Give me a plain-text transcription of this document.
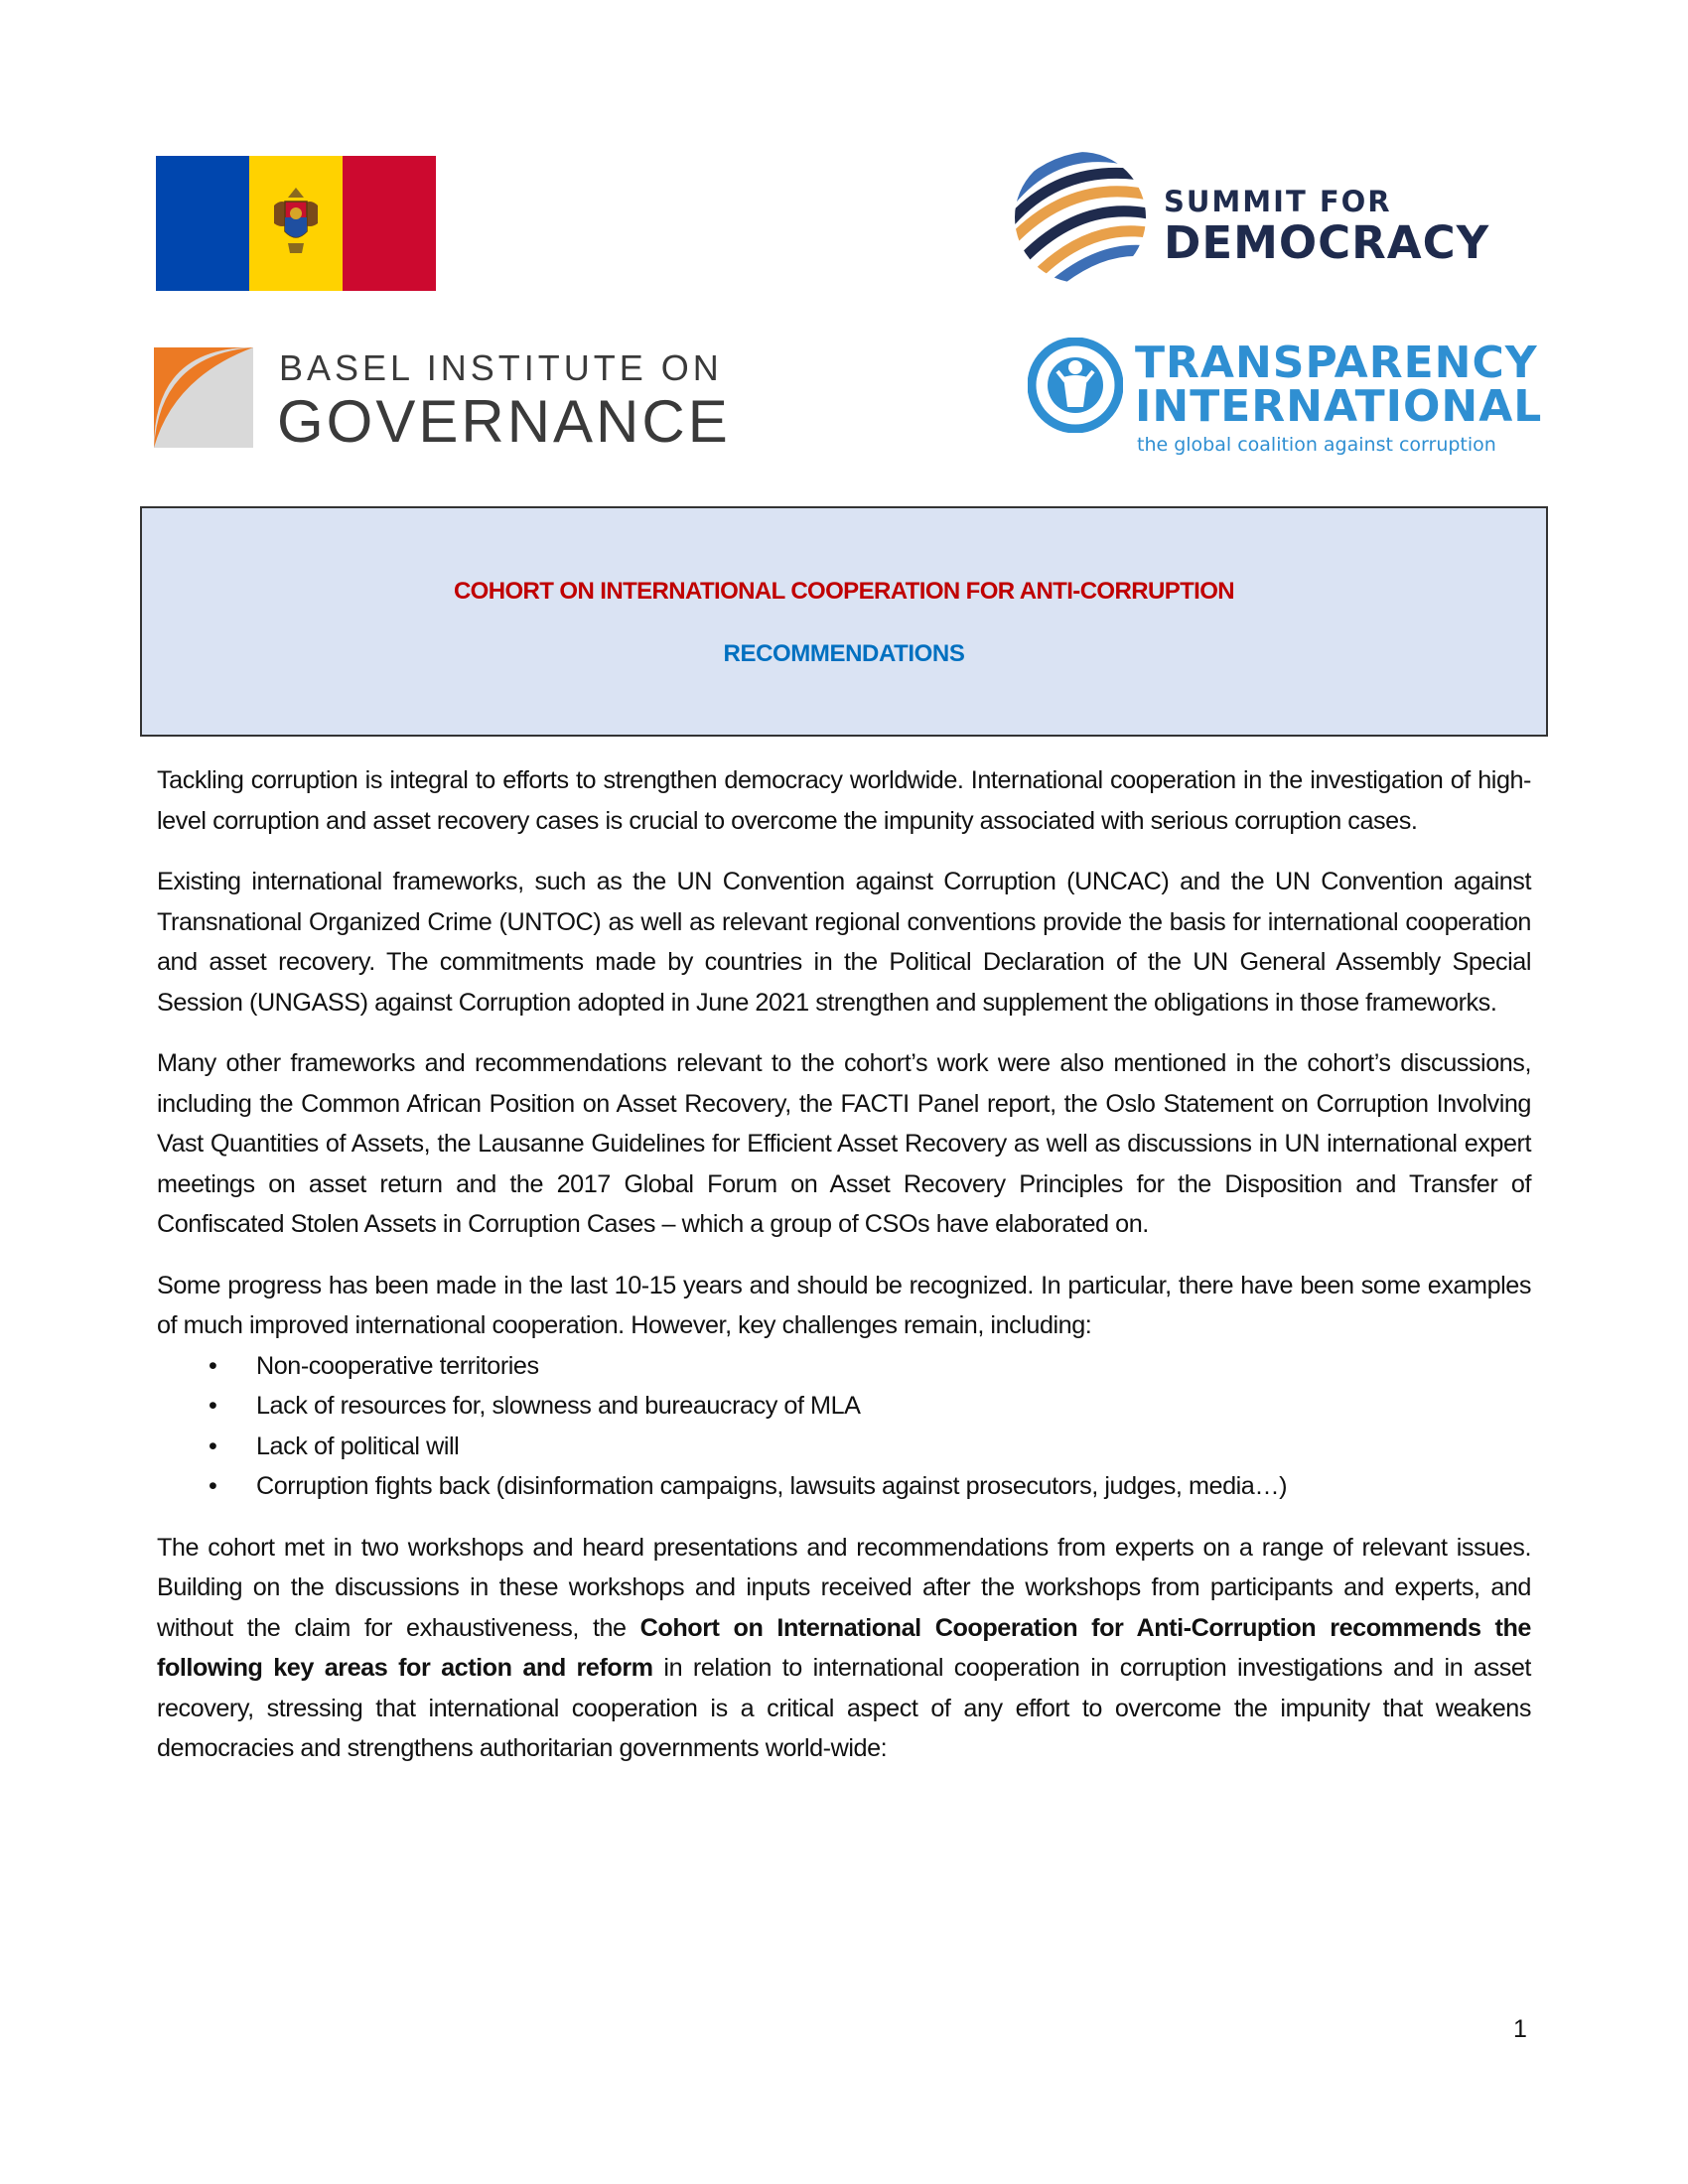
SUMMIT FOR
DEMOCRACY
BASEL INSTITUTE ON
GOVERNANCE
TRANSPARENCY
INTERNATIONAL
the global coalition against corruption
COHORT ON INTERNATIONAL COOPERATION FOR ANTI-CORRUPTION
RECOMMENDATIONS

Tackling corruption is integral to efforts to strengthen democracy worldwide. International cooperation in the investigation of high-level corruption and asset recovery cases is crucial to overcome the impunity associated with serious corruption cases.

Existing international frameworks, such as the UN Convention against Corruption (UNCAC) and the UN Convention against Transnational Organized Crime (UNTOC) as well as relevant regional conventions provide the basis for international cooperation and asset recovery. The commitments made by countries in the Political Declaration of the UN General Assembly Special Session (UNGASS) against Corruption adopted in June 2021 strengthen and supplement the obligations in those frameworks.

Many other frameworks and recommendations relevant to the cohort’s work were also mentioned in the cohort’s discussions, including the Common African Position on Asset Recovery, the FACTI Panel report, the Oslo Statement on Corruption Involving Vast Quantities of Assets, the Lausanne Guidelines for Efficient Asset Recovery as well as discussions in UN international expert meetings on asset return and the 2017 Global Forum on Asset Recovery Principles for the Disposition and Transfer of Confiscated Stolen Assets in Corruption Cases – which a group of CSOs have elaborated on.

Some progress has been made in the last 10-15 years and should be recognized. In particular, there have been some examples of much improved international cooperation. However, key challenges remain, including:

• Non-cooperative territories
• Lack of resources for, slowness and bureaucracy of MLA
• Lack of political will
• Corruption fights back (disinformation campaigns, lawsuits against prosecutors, judges, media…)

The cohort met in two workshops and heard presentations and recommendations from experts on a range of relevant issues. Building on the discussions in these workshops and inputs received after the workshops from participants and experts, and without the claim for exhaustiveness, the Cohort on International Cooperation for Anti-Corruption recommends the following key areas for action and reform in relation to international cooperation in corruption investigations and in asset recovery, stressing that international cooperation is a critical aspect of any effort to overcome the impunity that weakens democracies and strengthens authoritarian governments world-wide:

1
